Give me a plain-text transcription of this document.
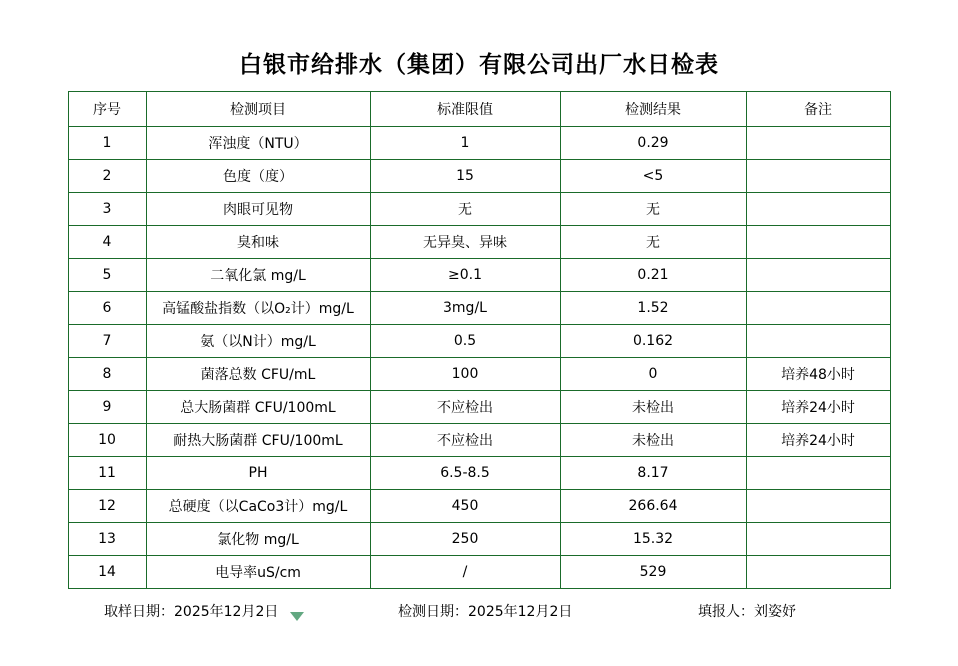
白银市给排水（集团）有限公司出厂水日检表
序号	检测项目	标准限值	检测结果	备注
1	浑浊度（NTU）	1	0.29	
2	色度（度）	15	<5	
3	肉眼可见物	无	无	
4	臭和味	无异臭、异味	无	
5	二氧化氯 mg/L	≥0.1	0.21	
6	高锰酸盐指数（以O₂计）mg/L	3mg/L	1.52	
7	氨（以N计）mg/L	0.5	0.162	
8	菌落总数 CFU/mL	100	0	培养48小时
9	总大肠菌群 CFU/100mL	不应检出	未检出	培养24小时
10	耐热大肠菌群 CFU/100mL	不应检出	未检出	培养24小时
11	PH	6.5-8.5	8.17	
12	总硬度（以CaCo3计）mg/L	450	266.64	
13	氯化物 mg/L	250	15.32	
14	电导率uS/cm	/	529	
取样日期：2025年12月2日	检测日期：2025年12月2日	填报人：刘姿妤
